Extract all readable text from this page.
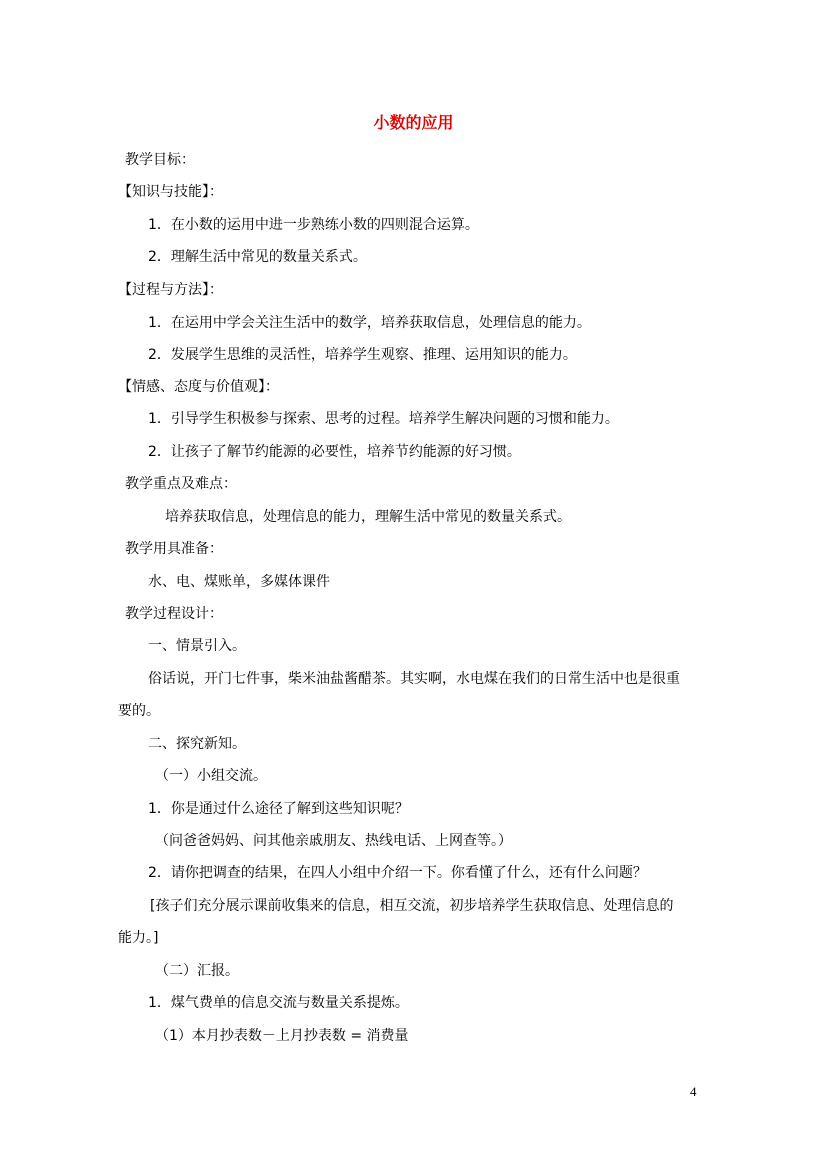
小数的应用
教学目标：
【知识与技能】：
1．在小数的运用中进一步熟练小数的四则混合运算。
2．理解生活中常见的数量关系式。
【过程与方法】：
1．在运用中学会关注生活中的数学，培养获取信息，处理信息的能力。
2．发展学生思维的灵活性，培养学生观察、推理、运用知识的能力。
【情感、态度与价值观】：
1．引导学生积极参与探索、思考的过程。培养学生解决问题的习惯和能力。
2．让孩子了解节约能源的必要性，培养节约能源的好习惯。
教学重点及难点：
培养获取信息，处理信息的能力，理解生活中常见的数量关系式。
教学用具准备：
水、电、煤账单，多媒体课件
教学过程设计：
一、情景引入。
俗话说，开门七件事，柴米油盐酱醋茶。其实啊，水电煤在我们的日常生活中也是很重
要的。
二、探究新知。
（一）小组交流。
1．你是通过什么途径了解到这些知识呢？
（问爸爸妈妈、问其他亲戚朋友、热线电话、上网查等。）
2．请你把调查的结果，在四人小组中介绍一下。你看懂了什么，还有什么问题？
[孩子们充分展示课前收集来的信息，相互交流，初步培养学生获取信息、处理信息的
能力。]
（二）汇报。
1．煤气费单的信息交流与数量关系提炼。
（1）本月抄表数－上月抄表数 = 消费量
4
